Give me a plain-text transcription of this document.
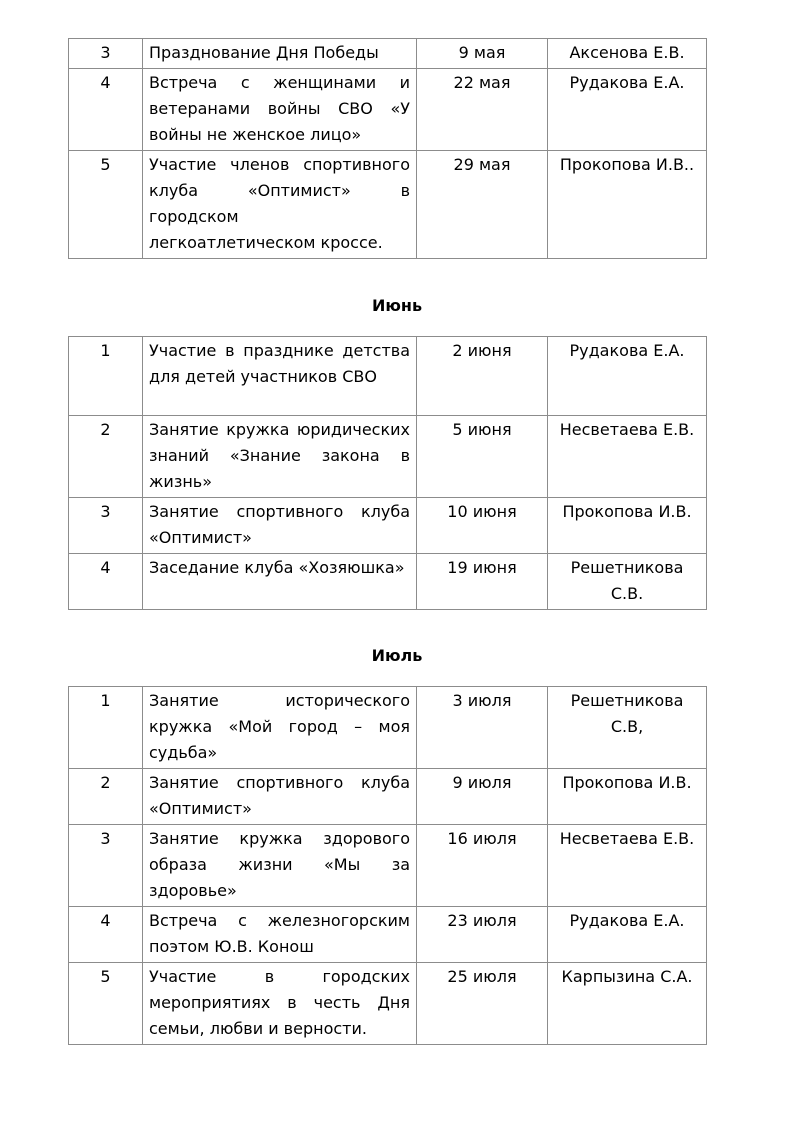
3	Празднование Дня Победы	9 мая	Аксенова Е.В.
4	Встреча с женщинами и ветеранами войны СВО «У войны не женское лицо»	22 мая	Рудакова Е.А.
5	Участие членов спортивного клуба «Оптимист» в городском легкоатлетическом кроссе.	29 мая	Прокопова И.В..
Июнь
1	Участие в празднике детства для детей участников СВО	2 июня	Рудакова Е.А.
2	Занятие кружка юридических знаний «Знание закона в жизнь»	5 июня	Несветаева Е.В.
3	Занятие спортивного клуба «Оптимист»	10 июня	Прокопова И.В.
4	Заседание клуба «Хозяюшка»	19 июня	Решетникова С.В.
Июль
1	Занятие исторического кружка «Мой город – моя судьба»	3 июля	Решетникова С.В,
2	Занятие спортивного клуба «Оптимист»	9 июля	Прокопова И.В.
3	Занятие кружка здорового образа жизни «Мы за здоровье»	16 июля	Несветаева Е.В.
4	Встреча с железногорским поэтом Ю.В. Конош	23 июля	Рудакова Е.А.
5	Участие в городских мероприятиях в честь Дня семьи, любви и верности.	25 июля	Карпызина С.А.
